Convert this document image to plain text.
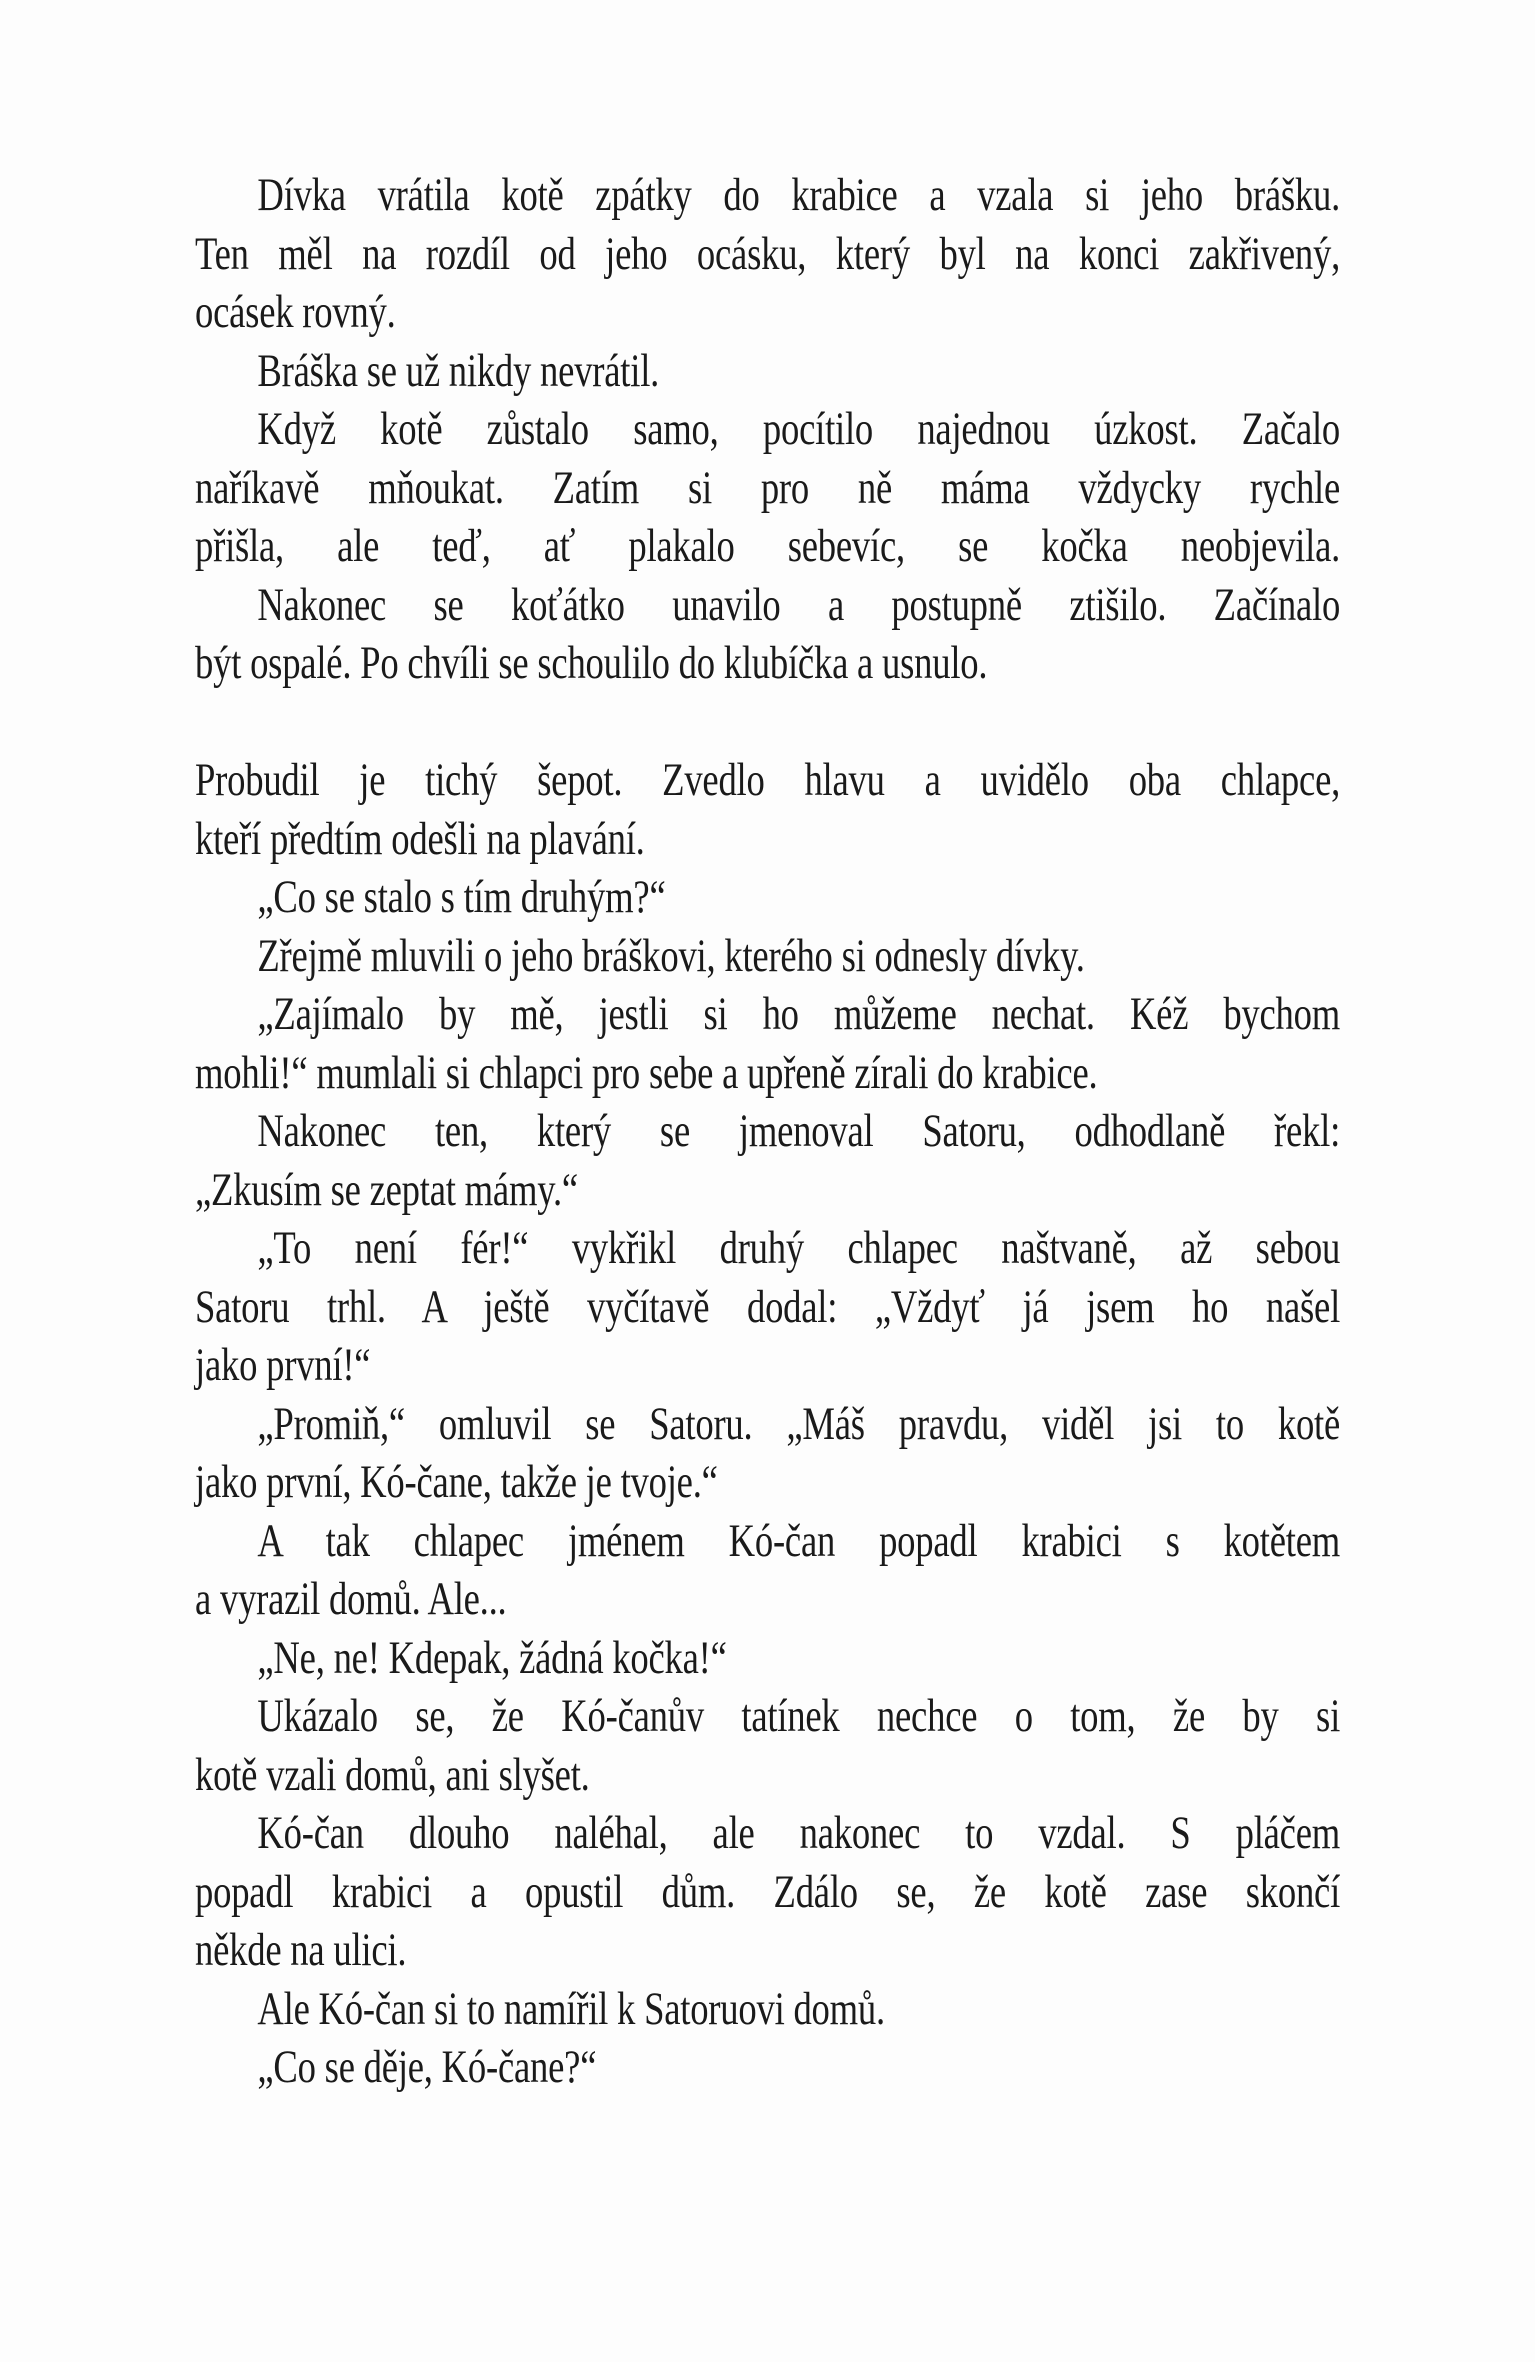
Dívka vrátila kotě zpátky do krabice a vzala si jeho brášku.
Ten měl na rozdíl od jeho ocásku, který byl na konci zakřivený,
ocásek rovný.
Bráška se už nikdy nevrátil.
Když kotě zůstalo samo, pocítilo najednou úzkost. Začalo
naříkavě mňoukat. Zatím si pro ně máma vždycky rychle
přišla, ale teď, ať plakalo sebevíc, se kočka neobjevila.
Nakonec se koťátko unavilo a postupně ztišilo. Začínalo
být ospalé. Po chvíli se schoulilo do klubíčka a usnulo.
Probudil je tichý šepot. Zvedlo hlavu a uvidělo oba chlapce,
kteří předtím odešli na plavání.
„Co se stalo s tím druhým?“
Zřejmě mluvili o jeho bráškovi, kterého si odnesly dívky.
„Zajímalo by mě, jestli si ho můžeme nechat. Kéž bychom
mohli!“ mumlali si chlapci pro sebe a upřeně zírali do krabice.
Nakonec ten, který se jmenoval Satoru, odhodlaně řekl:
„Zkusím se zeptat mámy.“
„To není fér!“ vykřikl druhý chlapec naštvaně, až sebou
Satoru trhl. A ještě vyčítavě dodal: „Vždyť já jsem ho našel
jako první!“
„Promiň,“ omluvil se Satoru. „Máš pravdu, viděl jsi to kotě
jako první, Kó-čane, takže je tvoje.“
A tak chlapec jménem Kó-čan popadl krabici s kotětem
a vyrazil domů. Ale...
„Ne, ne! Kdepak, žádná kočka!“
Ukázalo se, že Kó-čanův tatínek nechce o tom, že by si
kotě vzali domů, ani slyšet.
Kó-čan dlouho naléhal, ale nakonec to vzdal. S pláčem
popadl krabici a opustil dům. Zdálo se, že kotě zase skončí
někde na ulici.
Ale Kó-čan si to namířil k Satoruovi domů.
„Co se děje, Kó-čane?“
